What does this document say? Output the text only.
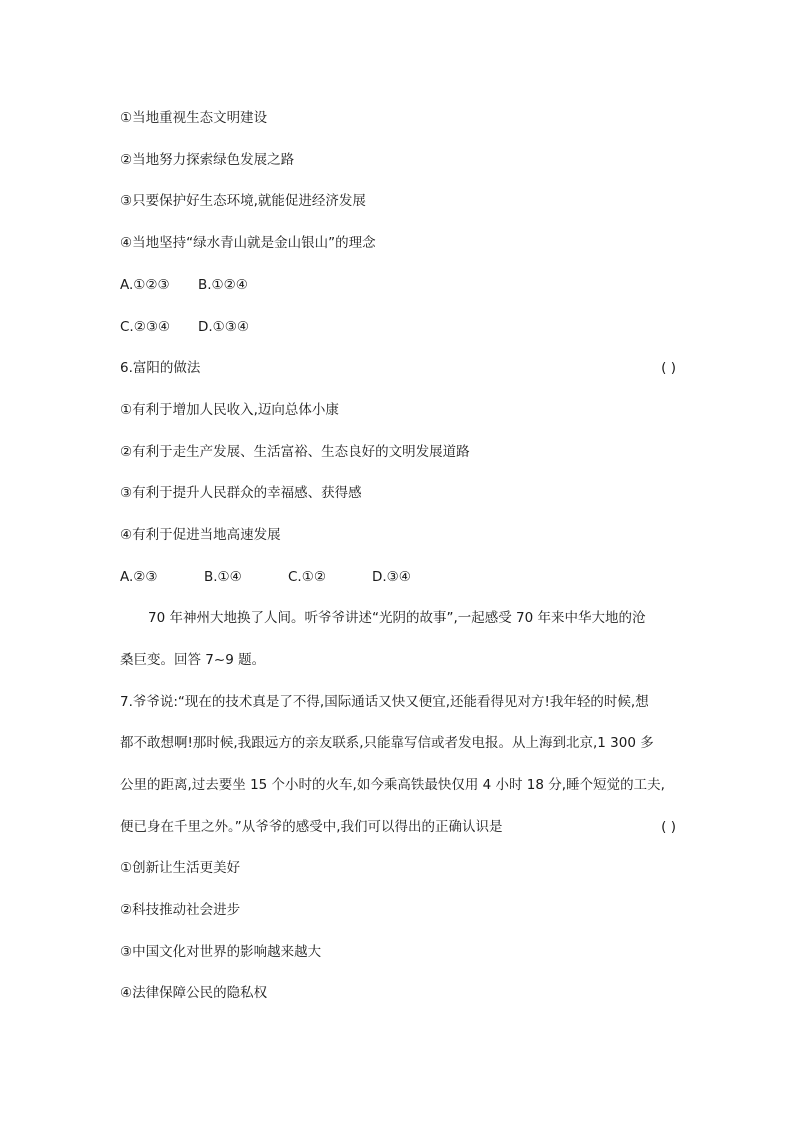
①当地重视生态文明建设
②当地努力探索绿色发展之路
③只要保护好生态环境,就能促进经济发展
④当地坚持“绿水青山就是金山银山”的理念
A.①②③ B.①②④
C.②③④ D.①③④
6.富阳的做法	( )
①有利于增加人民收入,迈向总体小康
②有利于走生产发展、生活富裕、生态良好的文明发展道路
③有利于提升人民群众的幸福感、获得感
④有利于促进当地高速发展
A.②③	B.①④	C.①②	D.③④
70 年神州大地换了人间。听爷爷讲述“光阴的故事”,一起感受 70 年来中华大地的沧
桑巨变。回答 7~9 题。
7.爷爷说:“现在的技术真是了不得,国际通话又快又便宜,还能看得见对方!我年轻的时候,想
都不敢想啊!那时候,我跟远方的亲友联系,只能靠写信或者发电报。从上海到北京,1 300 多
公里的距离,过去要坐 15 个小时的火车,如今乘高铁最快仅用 4 小时 18 分,睡个短觉的工夫,
便已身在千里之外。”从爷爷的感受中,我们可以得出的正确认识是	( )
①创新让生活更美好
②科技推动社会进步
③中国文化对世界的影响越来越大
④法律保障公民的隐私权
